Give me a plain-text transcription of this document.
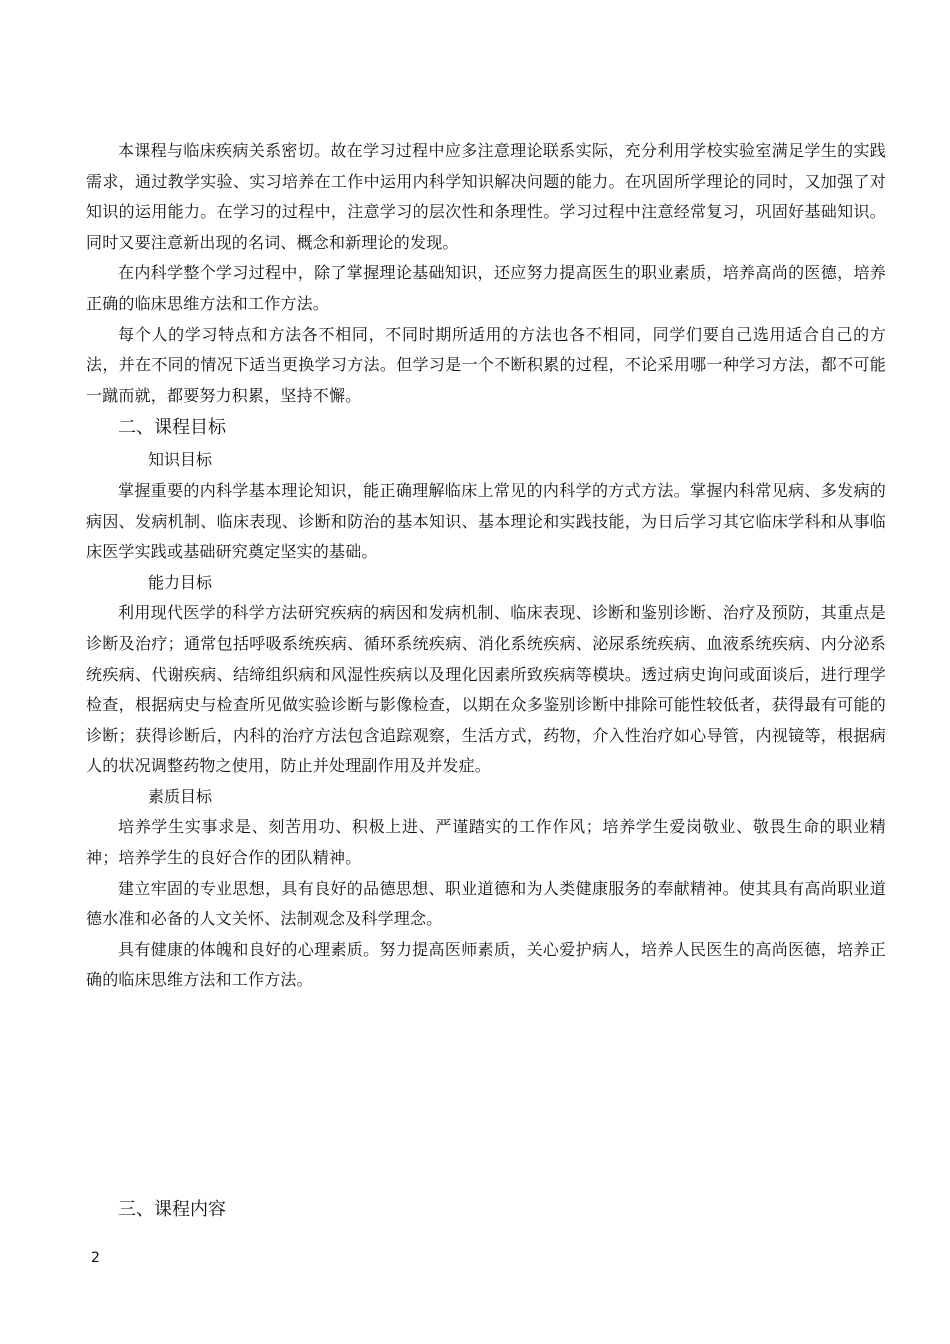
本课程与临床疾病关系密切。故在学习过程中应多注意理论联系实际，充分利用学校实验室满足学生的实践需求，通过教学实验、实习培养在工作中运用内科学知识解决问题的能力。在巩固所学理论的同时，又加强了对知识的运用能力。在学习的过程中，注意学习的层次性和条理性。学习过程中注意经常复习，巩固好基础知识。同时又要注意新出现的名词、概念和新理论的发现。

在内科学整个学习过程中，除了掌握理论基础知识，还应努力提高医生的职业素质，培养高尚的医德，培养正确的临床思维方法和工作方法。

每个人的学习特点和方法各不相同，不同时期所适用的方法也各不相同，同学们要自己选用适合自己的方法，并在不同的情况下适当更换学习方法。但学习是一个不断积累的过程，不论采用哪一种学习方法，都不可能一蹴而就，都要努力积累，坚持不懈。

二、课程目标

知识目标

掌握重要的内科学基本理论知识，能正确理解临床上常见的内科学的方式方法。掌握内科常见病、多发病的病因、发病机制、临床表现、诊断和防治的基本知识、基本理论和实践技能，为日后学习其它临床学科和从事临床医学实践或基础研究奠定坚实的基础。

能力目标

利用现代医学的科学方法研究疾病的病因和发病机制、临床表现、诊断和鉴别诊断、治疗及预防，其重点是诊断及治疗；通常包括呼吸系统疾病、循环系统疾病、消化系统疾病、泌尿系统疾病、血液系统疾病、内分泌系统疾病、代谢疾病、结缔组织病和风湿性疾病以及理化因素所致疾病等模块。透过病史询问或面谈后，进行理学检查，根据病史与检查所见做实验诊断与影像检查，以期在众多鉴别诊断中排除可能性较低者，获得最有可能的诊断；获得诊断后，内科的治疗方法包含追踪观察，生活方式，药物，介入性治疗如心导管，内视镜等，根据病人的状况调整药物之使用，防止并处理副作用及并发症。

素质目标

培养学生实事求是、刻苦用功、积极上进、严谨踏实的工作作风；培养学生爱岗敬业、敬畏生命的职业精神；培养学生的良好合作的团队精神。

建立牢固的专业思想，具有良好的品德思想、职业道德和为人类健康服务的奉献精神。使其具有高尚职业道德水准和必备的人文关怀、法制观念及科学理念。

具有健康的体魄和良好的心理素质。努力提高医师素质，关心爱护病人，培养人民医生的高尚医德，培养正确的临床思维方法和工作方法。

三、课程内容

2
